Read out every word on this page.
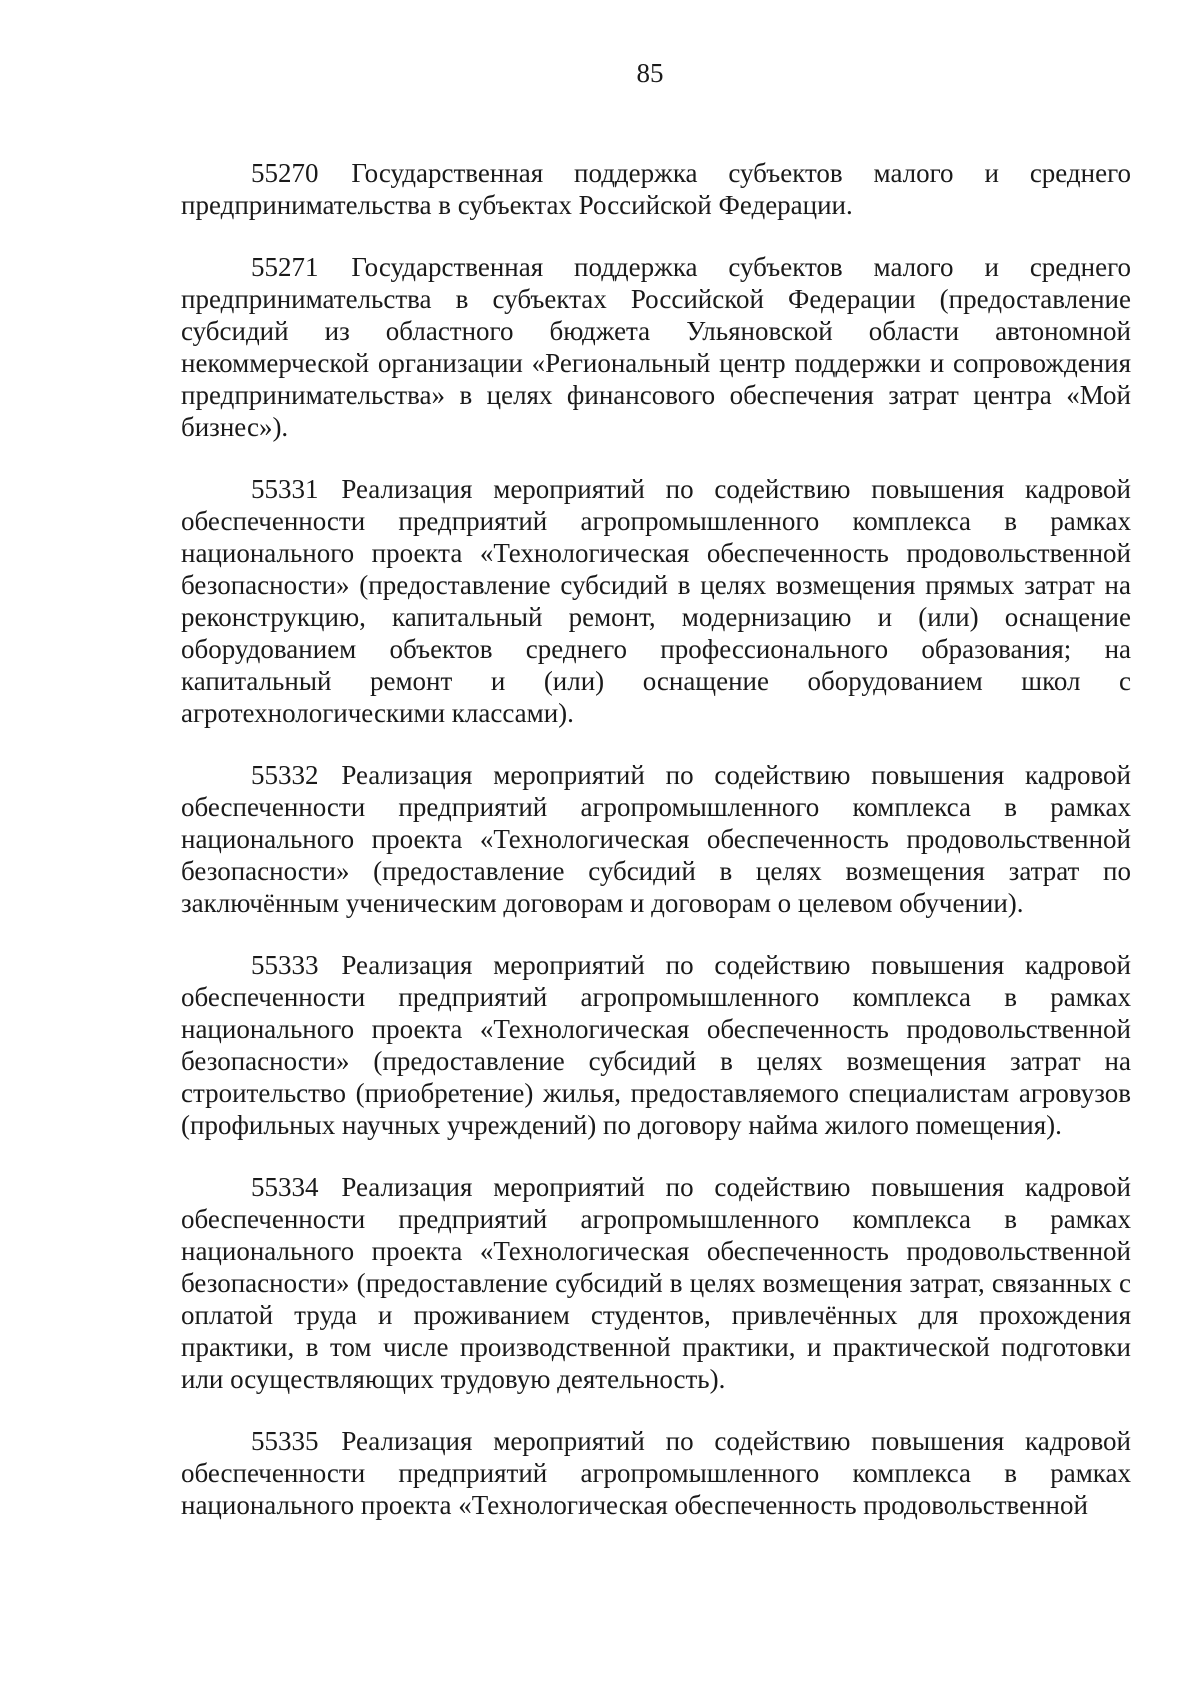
85

55270 Государственная поддержка субъектов малого и среднего предпринимательства в субъектах Российской Федерации.

55271 Государственная поддержка субъектов малого и среднего предпринимательства в субъектах Российской Федерации (предоставление субсидий из областного бюджета Ульяновской области автономной некоммерческой организации «Региональный центр поддержки и сопровождения предпринимательства» в целях финансового обеспечения затрат центра «Мой бизнес»).

55331 Реализация мероприятий по содействию повышения кадровой обеспеченности предприятий агропромышленного комплекса в рамках национального проекта «Технологическая обеспеченность продовольственной безопасности» (предоставление субсидий в целях возмещения прямых затрат на реконструкцию, капитальный ремонт, модернизацию и (или) оснащение оборудованием объектов среднего профессионального образования; на капитальный ремонт и (или) оснащение оборудованием школ с агротехнологическими классами).

55332 Реализация мероприятий по содействию повышения кадровой обеспеченности предприятий агропромышленного комплекса в рамках национального проекта «Технологическая обеспеченность продовольственной безопасности» (предоставление субсидий в целях возмещения затрат по заключённым ученическим договорам и договорам о целевом обучении).

55333 Реализация мероприятий по содействию повышения кадровой обеспеченности предприятий агропромышленного комплекса в рамках национального проекта «Технологическая обеспеченность продовольственной безопасности» (предоставление субсидий в целях возмещения затрат на строительство (приобретение) жилья, предоставляемого специалистам агровузов (профильных научных учреждений) по договору найма жилого помещения).

55334 Реализация мероприятий по содействию повышения кадровой обеспеченности предприятий агропромышленного комплекса в рамках национального проекта «Технологическая обеспеченность продовольственной безопасности» (предоставление субсидий в целях возмещения затрат, связанных с оплатой труда и проживанием студентов, привлечённых для прохождения практики, в том числе производственной практики, и практической подготовки или осуществляющих трудовую деятельность).

55335 Реализация мероприятий по содействию повышения кадровой обеспеченности предприятий агропромышленного комплекса в рамках национального проекта «Технологическая обеспеченность продовольственной
